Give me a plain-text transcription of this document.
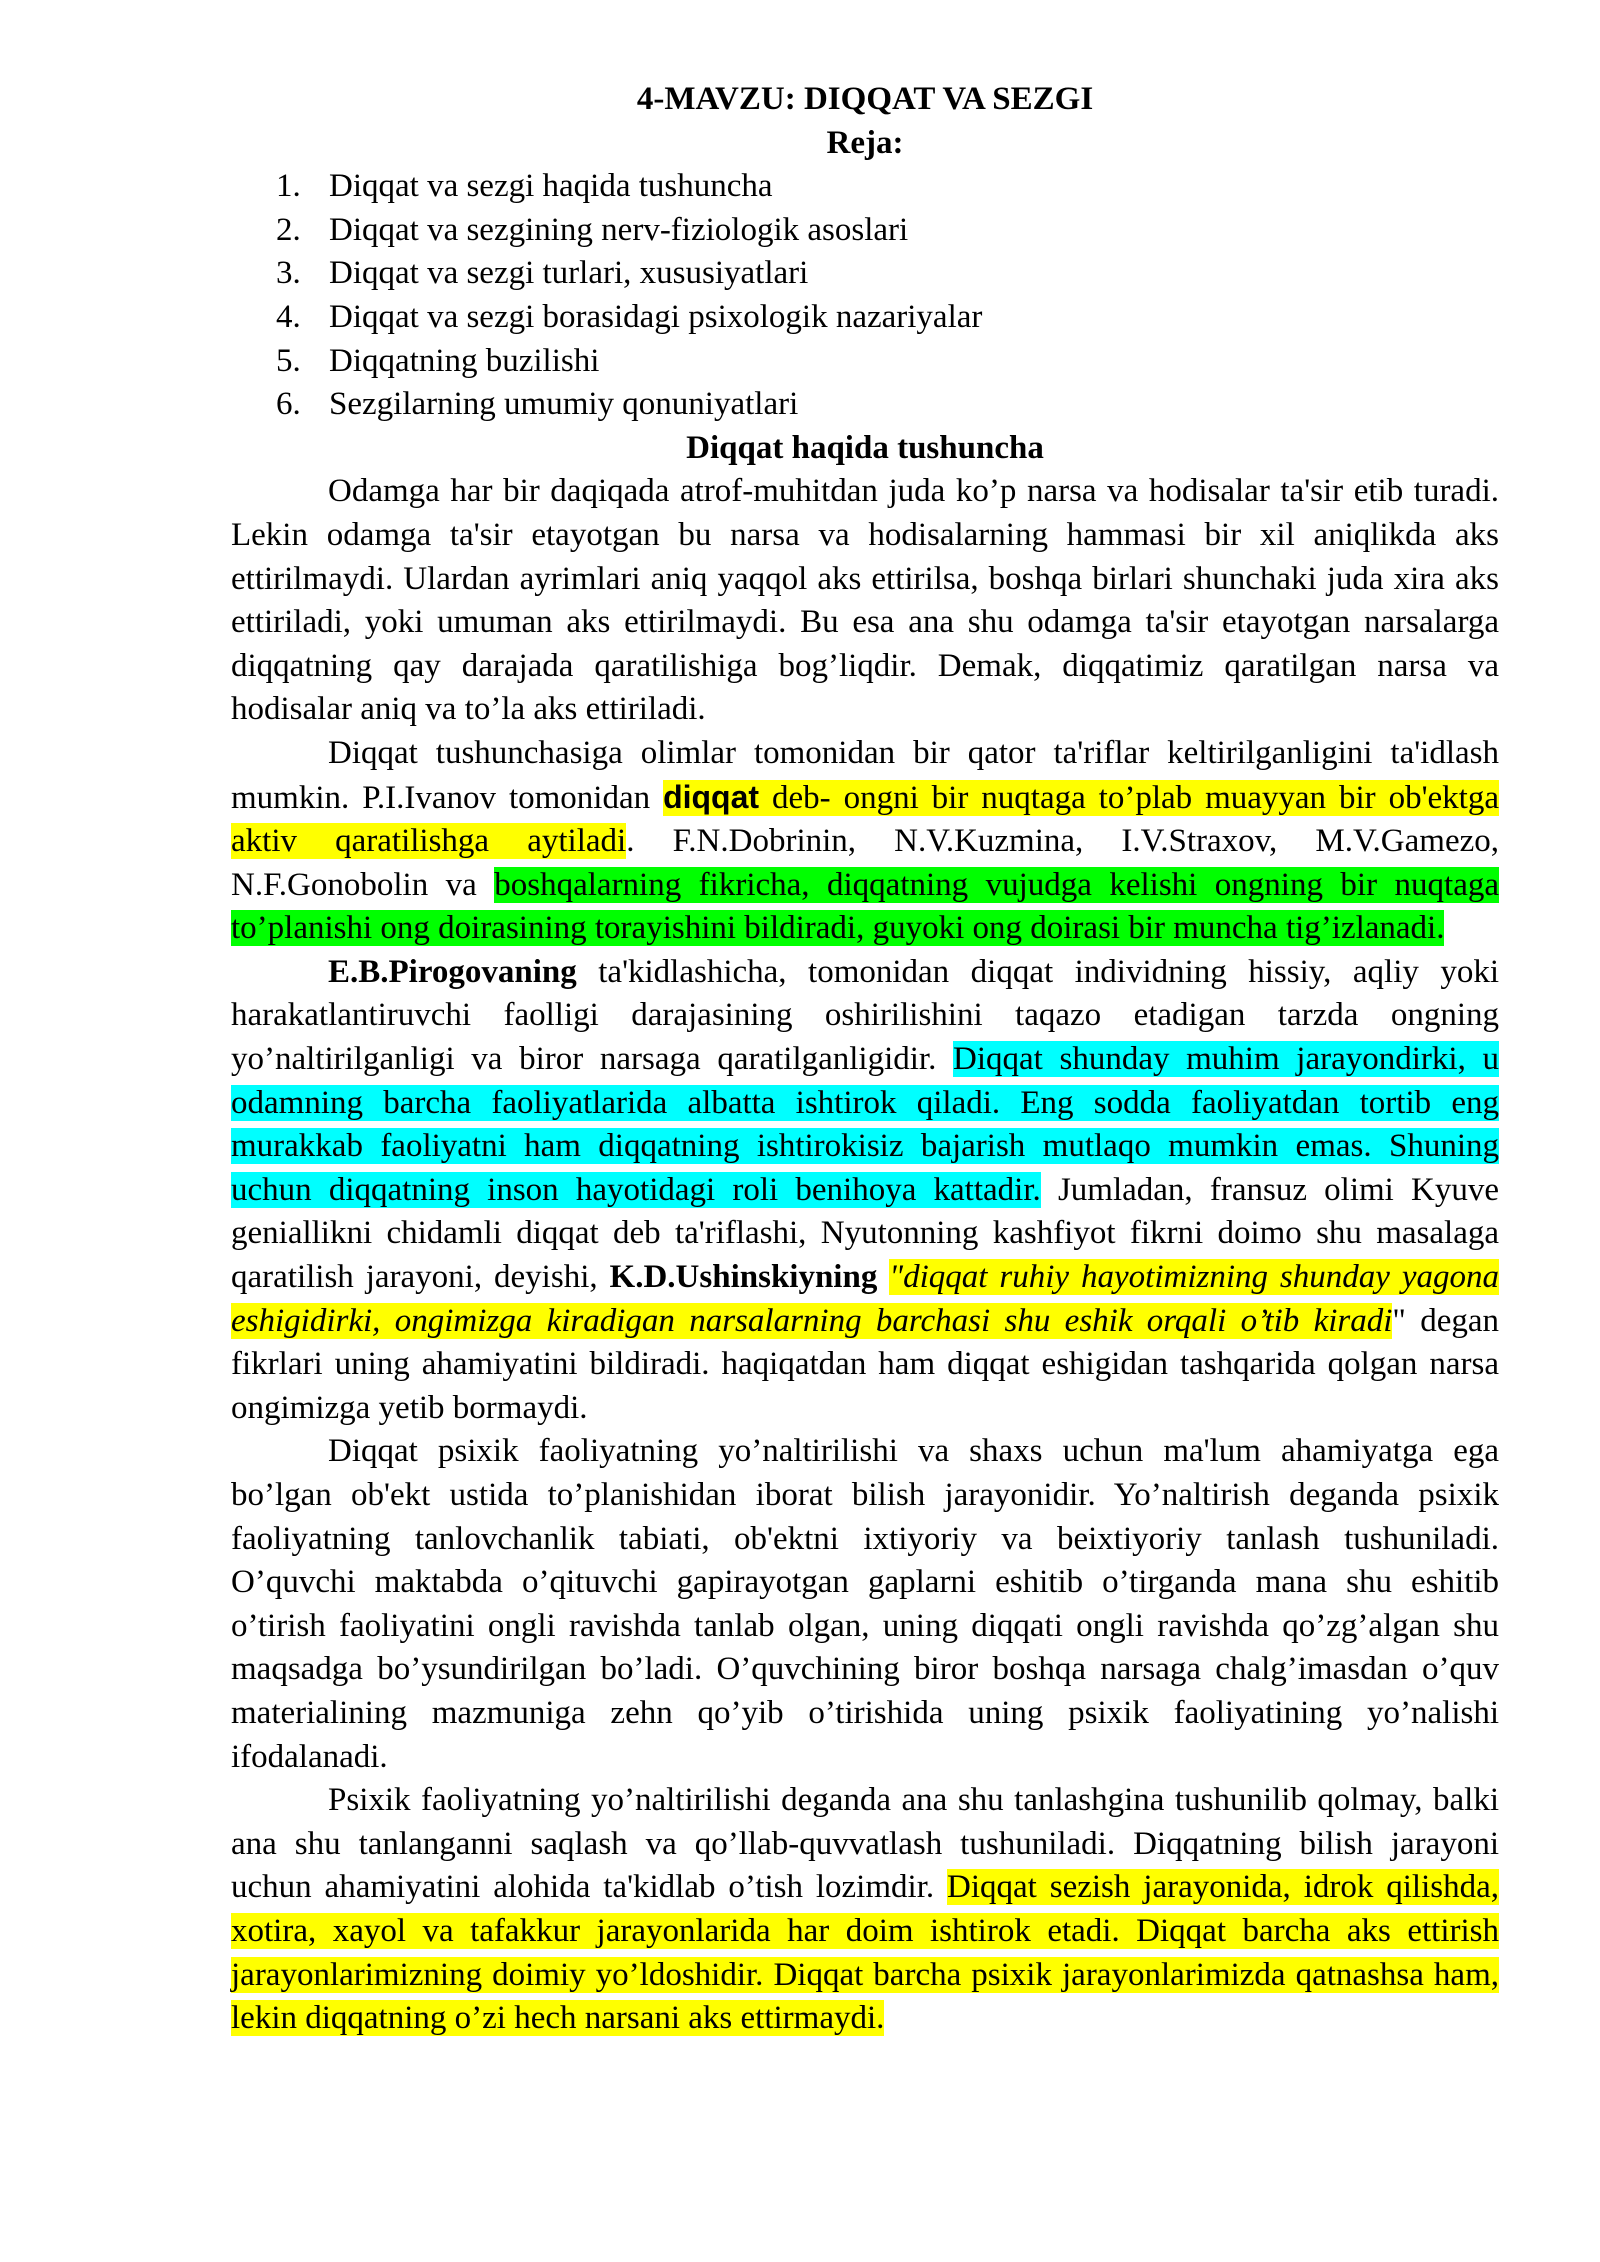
4-MAVZU: DIQQAT VA SEZGI
Reja:
1. Diqqat va sezgi haqida tushuncha
2. Diqqat va sezgining nerv-fiziologik asoslari
3. Diqqat va sezgi turlari, xususiyatlari
4. Diqqat va sezgi borasidagi psixologik nazariyalar
5. Diqqatning buzilishi
6. Sezgilarning umumiy qonuniyatlari
Diqqat haqida tushuncha

Odamga har bir daqiqada atrof-muhitdan juda ko’p narsa va hodisalar ta'sir etib turadi. Lekin odamga ta'sir etayotgan bu narsa va hodisalarning hammasi bir xil aniqlikda aks ettirilmaydi. Ulardan ayrimlari aniq yaqqol aks ettirilsa, boshqa birlari shunchaki juda xira aks ettiriladi, yoki umuman aks ettirilmaydi. Bu esa ana shu odamga ta'sir etayotgan narsalarga diqqatning qay darajada qaratilishiga bog’liqdir. Demak, diqqatimiz qaratilgan narsa va hodisalar aniq va to’la aks ettiriladi.

Diqqat tushunchasiga olimlar tomonidan bir qator ta'riflar keltirilganligini ta'idlash mumkin. P.I.Ivanov tomonidan diqqat deb- ongni bir nuqtaga to’plab muayyan bir ob'ektga aktiv qaratilishga aytiladi. F.N.Dobrinin, N.V.Kuzmina, I.V.Straxov, M.V.Gamezo, N.F.Gonobolin va boshqalarning fikricha, diqqatning vujudga kelishi ongning bir nuqtaga to’planishi ong doirasining torayishini bildiradi, guyoki ong doirasi bir muncha tig’izlanadi.

E.B.Pirogovaning ta'kidlashicha, tomonidan diqqat individning hissiy, aqliy yoki harakatlantiruvchi faolligi darajasining oshirilishini taqazo etadigan tarzda ongning yo’naltirilganligi va biror narsaga qaratilganligidir. Diqqat shunday muhim jarayondirki, u odamning barcha faoliyatlarida albatta ishtirok qiladi. Eng sodda faoliyatdan tortib eng murakkab faoliyatni ham diqqatning ishtirokisiz bajarish mutlaqo mumkin emas. Shuning uchun diqqatning inson hayotidagi roli benihoya kattadir. Jumladan, fransuz olimi Kyuve geniallikni chidamli diqqat deb ta'riflashi, Nyutonning kashfiyot fikrni doimo shu masalaga qaratilish jarayoni, deyishi, K.D.Ushinskiyning "diqqat ruhiy hayotimizning shunday yagona eshigidirki, ongimizga kiradigan narsalarning barchasi shu eshik orqali o’tib kiradi" degan fikrlari uning ahamiyatini bildiradi. haqiqatdan ham diqqat eshigidan tashqarida qolgan narsa ongimizga yetib bormaydi.

Diqqat psixik faoliyatning yo’naltirilishi va shaxs uchun ma'lum ahamiyatga ega bo’lgan ob'ekt ustida to’planishidan iborat bilish jarayonidir. Yo’naltirish deganda psixik faoliyatning tanlovchanlik tabiati, ob'ektni ixtiyoriy va beixtiyoriy tanlash tushuniladi. O’quvchi maktabda o’qituvchi gapirayotgan gaplarni eshitib o’tirganda mana shu eshitib o’tirish faoliyatini ongli ravishda tanlab olgan, uning diqqati ongli ravishda qo’zg’algan shu maqsadga bo’ysundirilgan bo’ladi. O’quvchining biror boshqa narsaga chalg’imasdan o’quv materialining mazmuniga zehn qo’yib o’tirishida uning psixik faoliyatining yo’nalishi ifodalanadi.

Psixik faoliyatning yo’naltirilishi deganda ana shu tanlashgina tushunilib qolmay, balki ana shu tanlanganni saqlash va qo’llab-quvvatlash tushuniladi. Diqqatning bilish jarayoni uchun ahamiyatini alohida ta'kidlab o’tish lozimdir. Diqqat sezish jarayonida, idrok qilishda, xotira, xayol va tafakkur jarayonlarida har doim ishtirok etadi. Diqqat barcha aks ettirish jarayonlarimizning doimiy yo’ldoshidir. Diqqat barcha psixik jarayonlarimizda qatnashsa ham, lekin diqqatning o’zi hech narsani aks ettirmaydi.
